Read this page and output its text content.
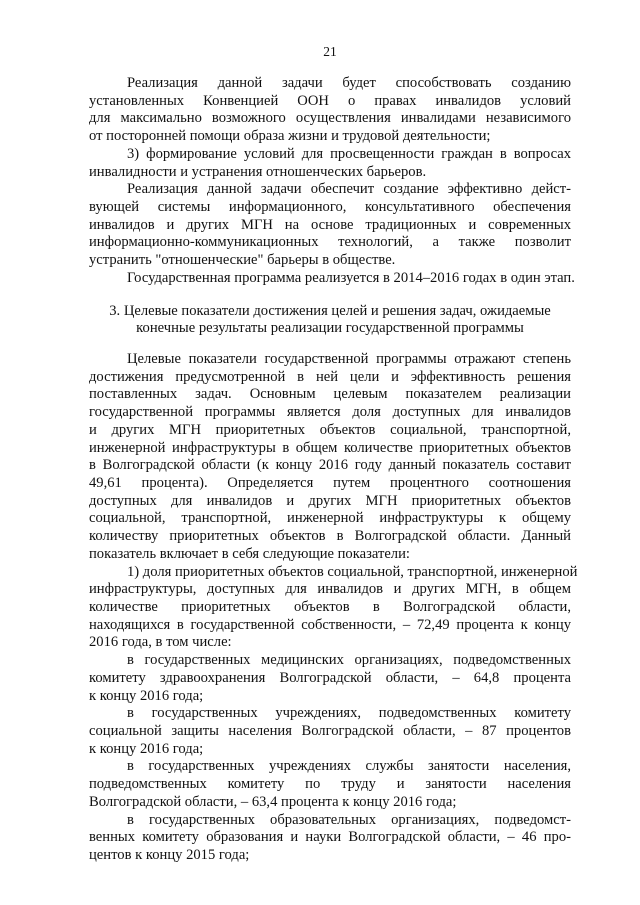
21
Реализация данной задачи будет способствовать созданию
установленных Конвенцией ООН о правах инвалидов условий
для максимально возможного осуществления инвалидами независимого
от посторонней помощи образа жизни и трудовой деятельности;
3) формирование условий для просвещенности граждан в вопросах
инвалидности и устранения отношенческих барьеров.
Реализация данной задачи обеспечит создание эффективно дейст-
вующей системы информационного, консультативного обеспечения
инвалидов и других МГН на основе традиционных и современных
информационно-коммуникационных технологий, а также позволит
устранить "отношенческие" барьеры в обществе.
Государственная программа реализуется в 2014–2016 годах в один этап.
3. Целевые показатели достижения целей и решения задач, ожидаемые
конечные результаты реализации государственной программы
Целевые показатели государственной программы отражают степень
достижения предусмотренной в ней цели и эффективность решения
поставленных задач. Основным целевым показателем реализации
государственной программы является доля доступных для инвалидов
и других МГН приоритетных объектов социальной, транспортной,
инженерной инфраструктуры в общем количестве приоритетных объектов
в Волгоградской области (к концу 2016 году данный показатель составит
49,61 процента). Определяется путем процентного соотношения
доступных для инвалидов и других МГН приоритетных объектов
социальной, транспортной, инженерной инфраструктуры к общему
количеству приоритетных объектов в Волгоградской области. Данный
показатель включает в себя следующие показатели:
1) доля приоритетных объектов социальной, транспортной, инженерной
инфраструктуры, доступных для инвалидов и других МГН, в общем
количестве приоритетных объектов в Волгоградской области,
находящихся в государственной собственности, – 72,49 процента к концу
2016 года, в том числе:
в государственных медицинских организациях, подведомственных
комитету здравоохранения Волгоградской области, – 64,8 процента
к концу 2016 года;
в государственных учреждениях, подведомственных комитету
социальной защиты населения Волгоградской области, – 87 процентов
к концу 2016 года;
в государственных учреждениях службы занятости населения,
подведомственных комитету по труду и занятости населения
Волгоградской области, – 63,4 процента к концу 2016 года;
в государственных образовательных организациях, подведомст-
венных комитету образования и науки Волгоградской области, – 46 про-
центов к концу 2015 года;
